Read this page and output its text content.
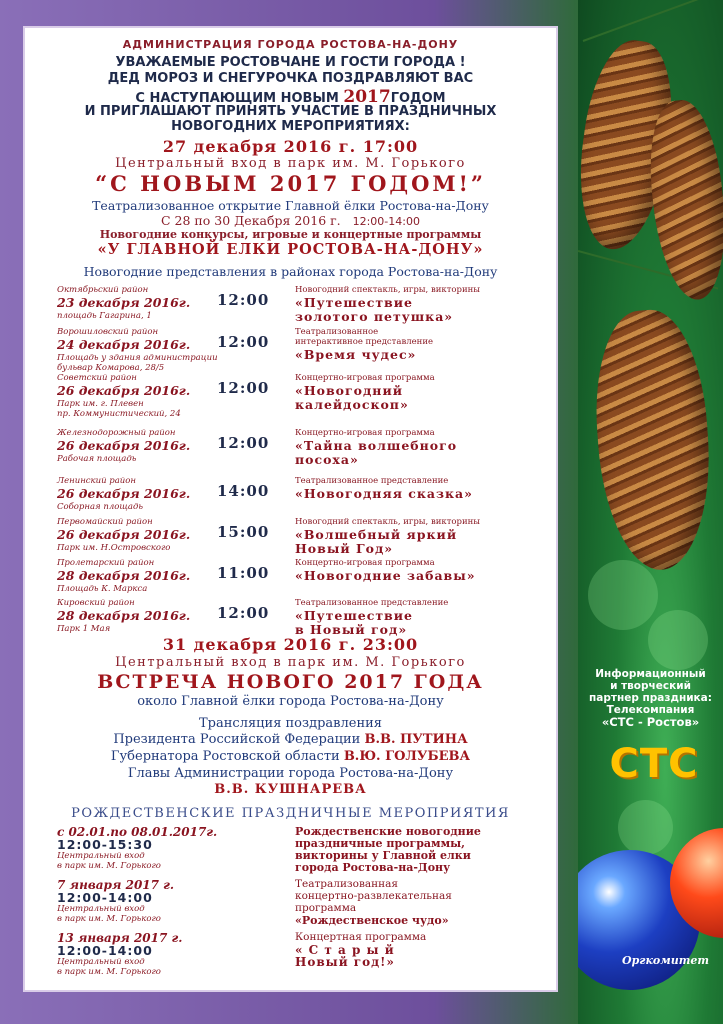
Информационный
и творческий
партнер праздника:
Телекомпания
«СТС - Ростов»
СТС
Оргкомитет
АДМИНИСТРАЦИЯ ГОРОДА РОСТОВА-НА-ДОНУ
УВАЖАЕМЫЕ РОСТОВЧАНЕ И ГОСТИ ГОРОДА !
ДЕД МОРОЗ И СНЕГУРОЧКА ПОЗДРАВЛЯЮТ ВАС
С НАСТУПАЮЩИМ НОВЫМ 2017ГОДОМ
И ПРИГЛАШАЮТ ПРИНЯТЬ УЧАСТИЕ В ПРАЗДНИЧНЫХ
НОВОГОДНИХ МЕРОПРИЯТИЯХ:
27 декабря 2016 г. 17:00
Центральный вход в парк им. М. Горького
“С НОВЫМ 2017 ГОДОМ!”
Театрализованное открытие Главной ёлки Ростова-на-Дону
С 28 по 30 Декабря 2016 г. 12:00-14:00
Новогодние конкурсы, игровые и концертные программы
«У ГЛАВНОЙ ЕЛКИ РОСТОВА-НА-ДОНУ»
Новогодние представления в районах города Ростова-на-Дону
Октябрьский район
23 декабря 2016г.
площадь Гагарина, 1
12:00
Новогодний спектакль, игры, викторины
«Путешествие
золотого петушка»
Ворошиловский район
24 декабря 2016г.
Площадь у здания администрации
бульвар Комарова, 28/5
12:00
Театрализованное
интерактивное представление
«Время чудес»
Советский район
26 декабря 2016г.
Парк им. г. Плевен
пр. Коммунистический, 24
12:00
Концертно-игровая программа
«Новогодний
калейдоскоп»
Железнодорожный район
26 декабря 2016г.
Рабочая площадь
12:00
Концертно-игровая программа
«Тайна волшебного
посоха»
Ленинский район
26 декабря 2016г.
Соборная площадь
14:00
Театрализованное представление
«Новогодняя сказка»
Первомайский район
26 декабря 2016г.
Парк им. Н.Островского
15:00
Новогодний спектакль, игры, викторины
«Волшебный яркий
Новый Год»
Пролетарский район
28 декабря 2016г.
Площадь К. Маркса
11:00
Концертно-игровая программа
«Новогодние забавы»
Кировский район
28 декабря 2016г.
Парк 1 Мая
12:00
Театрализованное представление
«Путешествие
в Новый год»
31 декабря 2016 г. 23:00
Центральный вход в парк им. М. Горького
ВСТРЕЧА НОВОГО 2017 ГОДА
около Главной ёлки города Ростова-на-Дону
Трансляция поздравления
Президента Российской Федерации В.В. ПУТИНА
Губернатора Ростовской области В.Ю. ГОЛУБЕВА
Главы Администрации города Ростова-на-Дону
В.В. КУШНАРЕВА
РОЖДЕСТВЕНСКИЕ ПРАЗДНИЧНЫЕ МЕРОПРИЯТИЯ
с 02.01.по 08.01.2017г.
12:00-15:30
Центральный вход
в парк им. М. Горького
Рождественские новогодние
праздничные программы,
викторины у Главной елки
города Ростова-на-Дону
7 января 2017 г.
12:00-14:00
Центральный вход
в парк им. М. Горького
Театрализованная
концертно-развлекательная
программа
«Рождественское чудо»
13 января 2017 г.
12:00-14:00
Центральный вход
в парк им. М. Горького
Концертная программа
« С т а р ы й
Новый год!»
